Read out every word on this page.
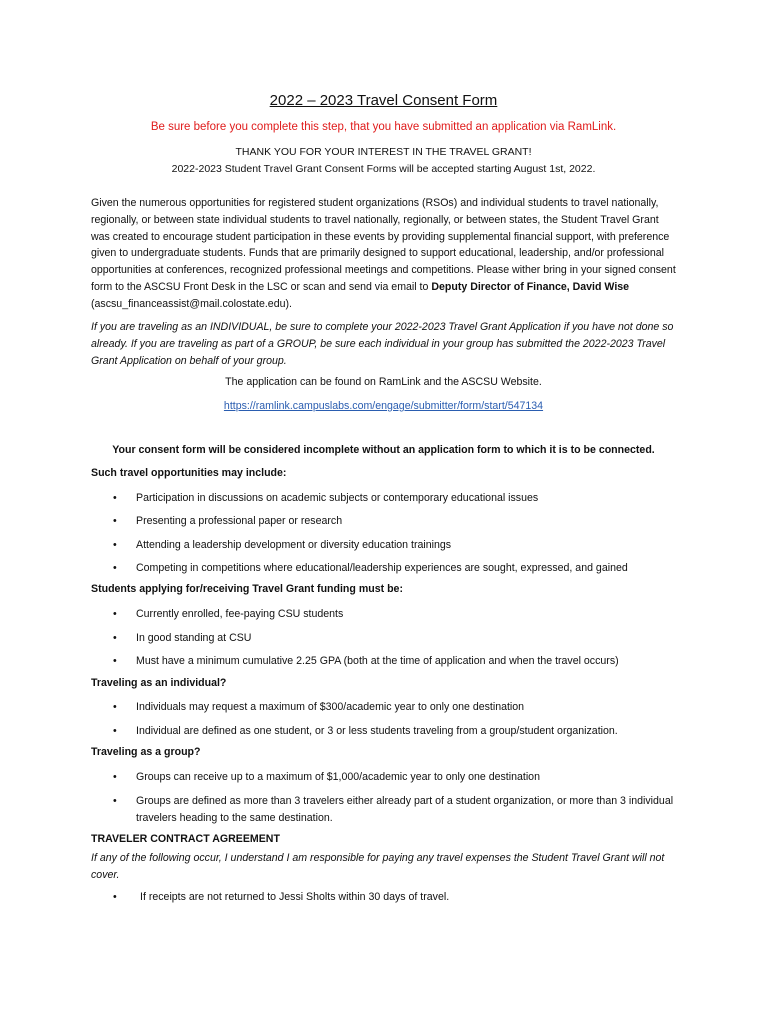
2022 – 2023 Travel Consent Form
Be sure before you complete this step, that you have submitted an application via RamLink.
THANK YOU FOR YOUR INTEREST IN THE TRAVEL GRANT!
2022-2023 Student Travel Grant Consent Forms will be accepted starting August 1st, 2022.
Given the numerous opportunities for registered student organizations (RSOs) and individual students to travel nationally, regionally, or between state individual students to travel nationally, regionally, or between states, the Student Travel Grant was created to encourage student participation in these events by providing supplemental financial support, with preference given to undergraduate students. Funds that are primarily designed to support educational, leadership, and/or professional opportunities at conferences, recognized professional meetings and competitions. Please wither bring in your signed consent form to the ASCSU Front Desk in the LSC or scan and send via email to Deputy Director of Finance, David Wise (ascsu_financeassist@mail.colostate.edu).
If you are traveling as an INDIVIDUAL, be sure to complete your 2022-2023 Travel Grant Application if you have not done so already. If you are traveling as part of a GROUP, be sure each individual in your group has submitted the 2022-2023 Travel Grant Application on behalf of your group.
The application can be found on RamLink and the ASCSU Website.
https://ramlink.campuslabs.com/engage/submitter/form/start/547134
Your consent form will be considered incomplete without an application form to which it is to be connected.
Such travel opportunities may include:
• Participation in discussions on academic subjects or contemporary educational issues
• Presenting a professional paper or research
• Attending a leadership development or diversity education trainings
• Competing in competitions where educational/leadership experiences are sought, expressed, and gained
Students applying for/receiving Travel Grant funding must be:
• Currently enrolled, fee-paying CSU students
• In good standing at CSU
• Must have a minimum cumulative 2.25 GPA (both at the time of application and when the travel occurs)
Traveling as an individual?
• Individuals may request a maximum of $300/academic year to only one destination
• Individual are defined as one student, or 3 or less students traveling from a group/student organization.
Traveling as a group?
• Groups can receive up to a maximum of $1,000/academic year to only one destination
• Groups are defined as more than 3 travelers either already part of a student organization, or more than 3 individual travelers heading to the same destination.
TRAVELER CONTRACT AGREEMENT
If any of the following occur, I understand I am responsible for paying any travel expenses the Student Travel Grant will not cover.
• If receipts are not returned to Jessi Sholts within 30 days of travel.
